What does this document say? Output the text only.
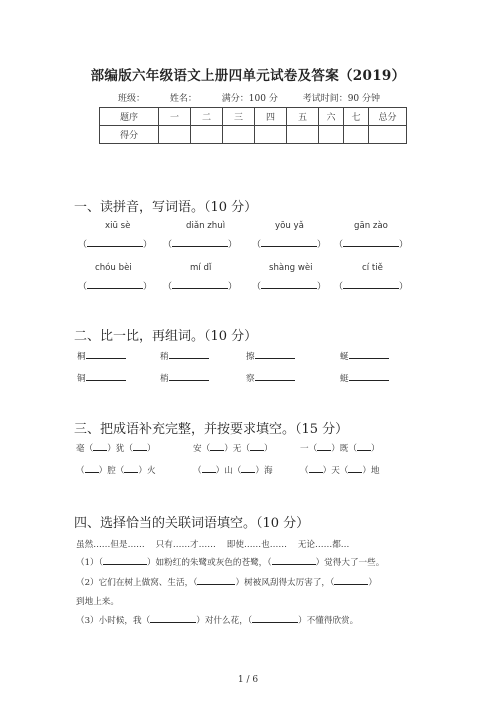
部编版六年级语文上册四单元试卷及答案（2019）
班级：	姓名：	满分：100 分	考试时间：90 分钟
题序	一	二	三	四	五	六	七	总分
得分								
一、读拼音，写词语。（10 分）
xiū sè	diǎn zhuì	yōu yǎ	gān zào
（	） （	） （	） （	）
chóu bèi	mí dǐ	shàng wèi	cí tiě
（	） （	） （	） （	）
二、比一比，再组词。（10 分）
桐	稍	擦	蜒
铜	梢	察	蜓
三、把成语补充完整，并按要求填空。（15 分）
毫（ ）犹（ ）	安（ ）无（ ）	一（ ）既（ ）
（ ）腔（ ）火	（ ）山（ ）海	（ ）天（ ）地
四、选择恰当的关联词语填空。（10 分）
虽然……但是……    只有……才……    即使……也……    无论……都…
（1）（	）如粉红的朱鹭或灰色的苍鹭，（	）觉得大了一些。
（2）它们在树上做窝、生活，（	）树被风刮得太厉害了，（	）
到地上来。
（3）小时候，我（	）对什么花，（	）不懂得欣赏。
1 / 6
